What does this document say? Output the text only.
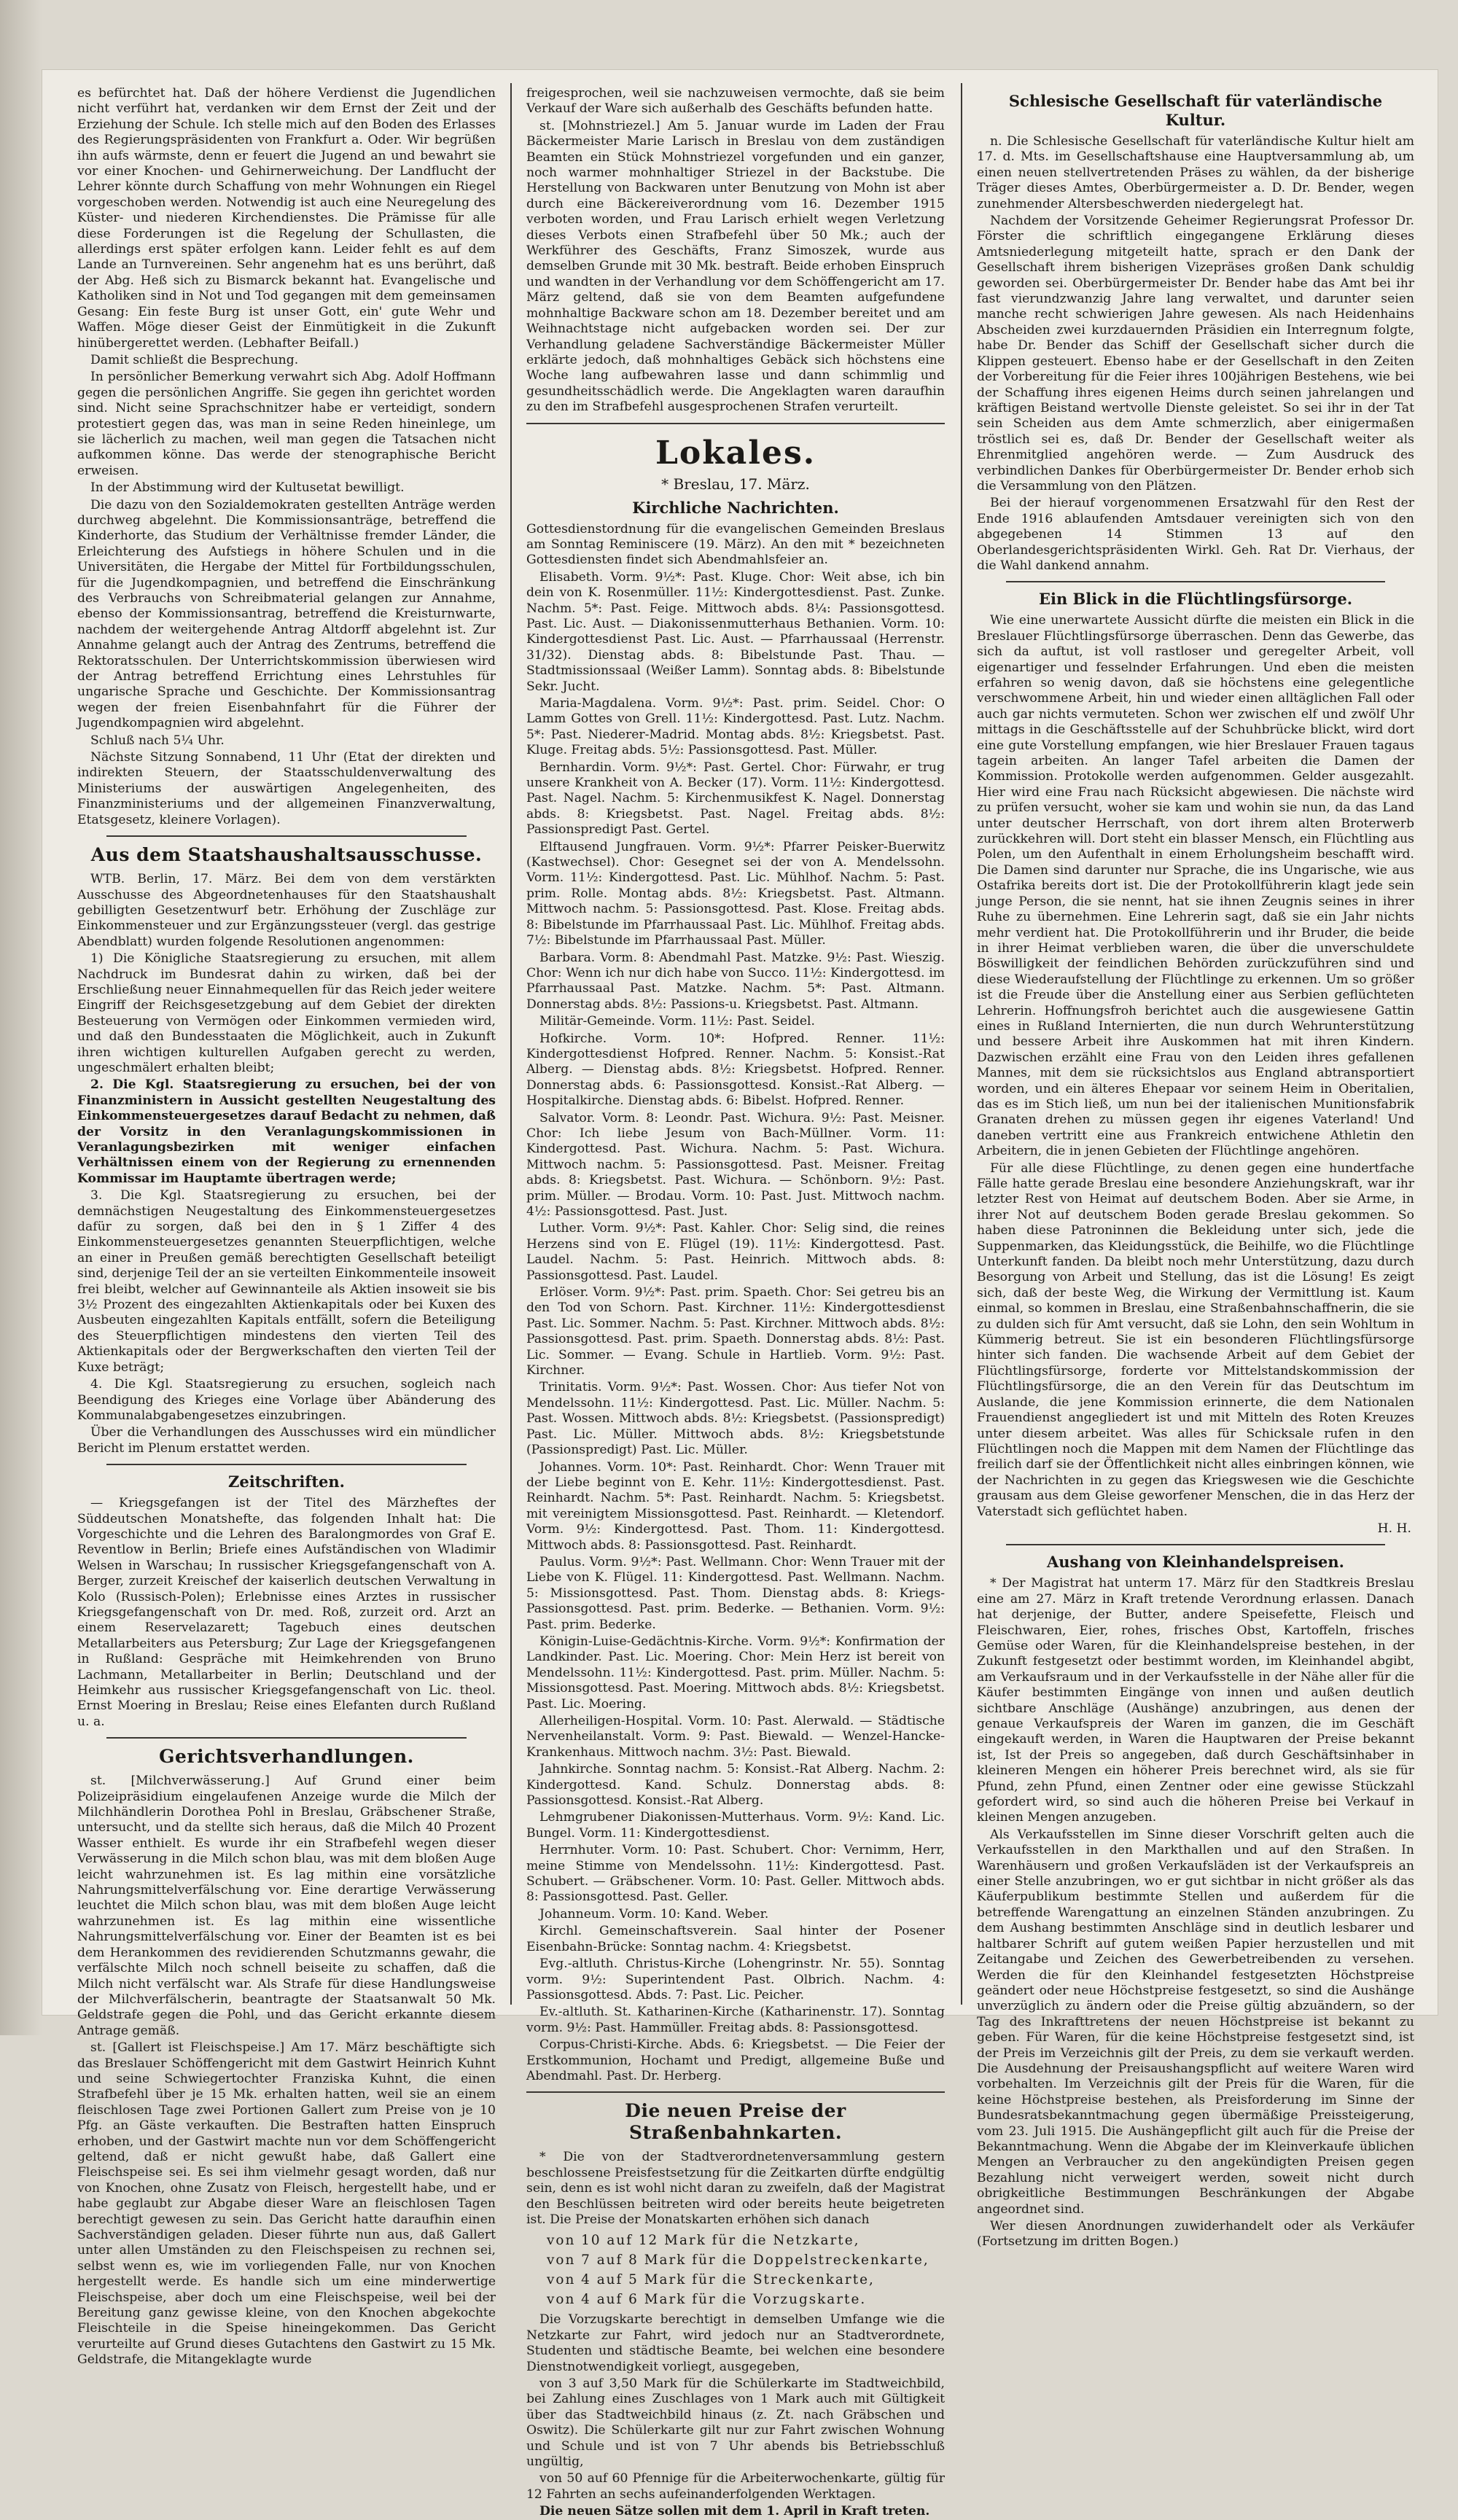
es befürchtet hat. Daß der höhere Verdienst die Jugendlichen nicht verführt hat, verdanken wir dem Ernst der Zeit und der Erziehung der Schule. Ich stelle mich auf den Boden des Erlasses des Regierungspräsidenten von Frankfurt a. Oder. Wir begrüßen ihn aufs wärmste, denn er feuert die Jugend an und bewahrt sie vor einer Knochen- und Gehirnerweichung. Der Landflucht der Lehrer könnte durch Schaffung von mehr Wohnungen ein Riegel vorgeschoben werden. Notwendig ist auch eine Neuregelung des Küster- und niederen Kirchendienstes. Die Prämisse für alle diese Forderungen ist die Regelung der Schullasten, die allerdings erst später erfolgen kann. Leider fehlt es auf dem Lande an Turnvereinen. Sehr angenehm hat es uns berührt, daß der Abg. Heß sich zu Bismarck bekannt hat. Evangelische und Katholiken sind in Not und Tod gegangen mit dem gemeinsamen Gesang: Ein feste Burg ist unser Gott, ein' gute Wehr und Waffen. Möge dieser Geist der Einmütigkeit in die Zukunft hinübergerettet werden. (Lebhafter Beifall.)

Damit schließt die Besprechung.

In persönlicher Bemerkung verwahrt sich Abg. Adolf Hoffmann gegen die persönlichen Angriffe. Sie gegen ihn gerichtet worden sind. Nicht seine Sprachschnitzer habe er verteidigt, sondern protestiert gegen das, was man in seine Reden hineinlege, um sie lächerlich zu machen, weil man gegen die Tatsachen nicht aufkommen könne. Das werde der stenographische Bericht erweisen.

In der Abstimmung wird der Kultusetat bewilligt.

Die dazu von den Sozialdemokraten gestellten Anträge werden durchweg abgelehnt. Die Kommissionsanträge, betreffend die Kinderhorte, das Studium der Verhältnisse fremder Länder, die Erleichterung des Aufstiegs in höhere Schulen und in die Universitäten, die Hergabe der Mittel für Fortbildungsschulen, für die Jugendkompagnien, und betreffend die Einschränkung des Verbrauchs von Schreibmaterial gelangen zur Annahme, ebenso der Kommissionsantrag, betreffend die Kreisturnwarte, nachdem der weitergehende Antrag Altdorff abgelehnt ist. Zur Annahme gelangt auch der Antrag des Zentrums, betreffend die Rektoratsschulen. Der Unterrichtskommission überwiesen wird der Antrag betreffend Errichtung eines Lehrstuhles für ungarische Sprache und Geschichte. Der Kommissionsantrag wegen der freien Eisenbahnfahrt für die Führer der Jugendkompagnien wird abgelehnt.

Schluß nach 5¼ Uhr.

Nächste Sitzung Sonnabend, 11 Uhr (Etat der direkten und indirekten Steuern, der Staatsschuldenverwaltung des Ministeriums der auswärtigen Angelegenheiten, des Finanzministeriums und der allgemeinen Finanzverwaltung, Etatsgesetz, kleinere Vorlagen).

Aus dem Staatshaushaltsausschusse.

WTB. Berlin, 17. März. Bei dem von dem verstärkten Ausschusse des Abgeordnetenhauses für den Staatshaushalt gebilligten Gesetzentwurf betr. Erhöhung der Zuschläge zur Einkommensteuer und zur Ergänzungssteuer (vergl. das gestrige Abendblatt) wurden folgende Resolutionen angenommen:

1) Die Königliche Staatsregierung zu ersuchen, mit allem Nachdruck im Bundesrat dahin zu wirken, daß bei der Erschließung neuer Einnahmequellen für das Reich jeder weitere Eingriff der Reichsgesetzgebung auf dem Gebiet der direkten Besteuerung von Vermögen oder Einkommen vermieden wird, und daß den Bundesstaaten die Möglichkeit, auch in Zukunft ihren wichtigen kulturellen Aufgaben gerecht zu werden, ungeschmälert erhalten bleibt;

2. Die Kgl. Staatsregierung zu ersuchen, bei der von Finanzministern in Aussicht gestellten Neugestaltung des Einkommensteuergesetzes darauf Bedacht zu nehmen, daß der Vorsitz in den Veranlagungskommissionen in Veranlagungsbezirken mit weniger einfachen Verhältnissen einem von der Regierung zu ernennenden Kommissar im Hauptamte übertragen werde;

3. Die Kgl. Staatsregierung zu ersuchen, bei der demnächstigen Neugestaltung des Einkommensteuergesetzes dafür zu sorgen, daß bei den in § 1 Ziffer 4 des Einkommensteuergesetzes genannten Steuerpflichtigen, welche an einer in Preußen gemäß berechtigten Gesellschaft beteiligt sind, derjenige Teil der an sie verteilten Einkommenteile insoweit frei bleibt, welcher auf Gewinnanteile als Aktien insoweit sie bis 3½ Prozent des eingezahlten Aktienkapitals oder bei Kuxen des Ausbeuten eingezahlten Kapitals entfällt, sofern die Beteiligung des Steuerpflichtigen mindestens den vierten Teil des Aktienkapitals oder der Bergwerkschaften den vierten Teil der Kuxe beträgt;

4. Die Kgl. Staatsregierung zu ersuchen, sogleich nach Beendigung des Krieges eine Vorlage über Abänderung des Kommunalabgabengesetzes einzubringen.

Über die Verhandlungen des Ausschusses wird ein mündlicher Bericht im Plenum erstattet werden.

Zeitschriften.

— Kriegsgefangen ist der Titel des Märzheftes der Süddeutschen Monatshefte, das folgenden Inhalt hat: Die Vorgeschichte und die Lehren des Baralongmordes von Graf E. Reventlow in Berlin; Briefe eines Aufständischen von Wladimir Welsen in Warschau; In russischer Kriegsgefangenschaft von A. Berger, zurzeit Kreischef der kaiserlich deutschen Verwaltung in Kolo (Russisch-Polen); Erlebnisse eines Arztes in russischer Kriegsgefangenschaft von Dr. med. Roß, zurzeit ord. Arzt an einem Reservelazarett; Tagebuch eines deutschen Metallarbeiters aus Petersburg; Zur Lage der Kriegsgefangenen in Rußland: Gespräche mit Heimkehrenden von Bruno Lachmann, Metallarbeiter in Berlin; Deutschland und der Heimkehr aus russischer Kriegsgefangenschaft von Lic. theol. Ernst Moering in Breslau; Reise eines Elefanten durch Rußland u. a.

Gerichtsverhandlungen.

st. [Milchverwässerung.] Auf Grund einer beim Polizeipräsidium eingelaufenen Anzeige wurde die Milch der Milchhändlerin Dorothea Pohl in Breslau, Gräbschener Straße, untersucht, und da stellte sich heraus, daß die Milch 40 Prozent Wasser enthielt. Es wurde ihr ein Strafbefehl wegen dieser Verwässerung in die Milch schon blau, was mit dem bloßen Auge leicht wahrzunehmen ist. Es lag mithin eine vorsätzliche Nahrungsmittelverfälschung vor. Eine derartige Verwässerung leuchtet die Milch schon blau, was mit dem bloßen Auge leicht wahrzunehmen ist. Es lag mithin eine wissentliche Nahrungsmittelverfälschung vor. Einer der Beamten ist es bei dem Herankommen des revidierenden Schutzmanns gewahr, die verfälschte Milch noch schnell beiseite zu schaffen, daß die Milch nicht verfälscht war. Als Strafe für diese Handlungsweise der Milchverfälscherin, beantragte der Staatsanwalt 50 Mk. Geldstrafe gegen die Pohl, und das Gericht erkannte diesem Antrage gemäß.

st. [Gallert ist Fleischspeise.] Am 17. März beschäftigte sich das Breslauer Schöffengericht mit dem Gastwirt Heinrich Kuhnt und seine Schwiegertochter Franziska Kuhnt, die einen Strafbefehl über je 15 Mk. erhalten hatten, weil sie an einem fleischlosen Tage zwei Portionen Gallert zum Preise von je 10 Pfg. an Gäste verkauften. Die Bestraften hatten Einspruch erhoben, und der Gastwirt machte nun vor dem Schöffengericht geltend, daß er nicht gewußt habe, daß Gallert eine Fleischspeise sei. Es sei ihm vielmehr gesagt worden, daß nur von Knochen, ohne Zusatz von Fleisch, hergestellt habe, und er habe geglaubt zur Abgabe dieser Ware an fleischlosen Tagen berechtigt gewesen zu sein. Das Gericht hatte daraufhin einen Sachverständigen geladen. Dieser führte nun aus, daß Gallert unter allen Umständen zu den Fleischspeisen zu rechnen sei, selbst wenn es, wie im vorliegenden Falle, nur von Knochen hergestellt werde. Es handle sich um eine minderwertige Fleischspeise, aber doch um eine Fleischspeise, weil bei der Bereitung ganz gewisse kleine, von den Knochen abgekochte Fleischteile in die Speise hineingekommen. Das Gericht verurteilte auf Grund dieses Gutachtens den Gastwirt zu 15 Mk. Geldstrafe, die Mitangeklagte wurde

freigesprochen, weil sie nachzuweisen vermochte, daß sie beim Verkauf der Ware sich außerhalb des Geschäfts befunden hatte.

st. [Mohnstriezel.] Am 5. Januar wurde im Laden der Frau Bäckermeister Marie Larisch in Breslau von dem zuständigen Beamten ein Stück Mohnstriezel vorgefunden und ein ganzer, noch warmer mohnhaltiger Striezel in der Backstube. Die Herstellung von Backwaren unter Benutzung von Mohn ist aber durch eine Bäckereiverordnung vom 16. Dezember 1915 verboten worden, und Frau Larisch erhielt wegen Verletzung dieses Verbots einen Strafbefehl über 50 Mk.; auch der Werkführer des Geschäfts, Franz Simoszek, wurde aus demselben Grunde mit 30 Mk. bestraft. Beide erhoben Einspruch und wandten in der Verhandlung vor dem Schöffengericht am 17. März geltend, daß sie von dem Beamten aufgefundene mohnhaltige Backware schon am 18. Dezember bereitet und am Weihnachtstage nicht aufgebacken worden sei. Der zur Verhandlung geladene Sachverständige Bäckermeister Müller erklärte jedoch, daß mohnhaltiges Gebäck sich höchstens eine Woche lang aufbewahren lasse und dann schimmlig und gesundheitsschädlich werde. Die Angeklagten waren daraufhin zu den im Strafbefehl ausgesprochenen Strafen verurteilt.

Lokales.
* Breslau, 17. März.
Kirchliche Nachrichten.

Gottesdienstordnung für die evangelischen Gemeinden Breslaus am Sonntag Reminiscere (19. März). An den mit * bezeichneten Gottesdiensten findet sich Abendmahlsfeier an.

Elisabeth. Vorm. 9½*: Past. Kluge. Chor: Weit abse, ich bin dein von K. Rosenmüller. 11½: Kindergottesdienst. Past. Zunke. Nachm. 5*: Past. Feige. Mittwoch abds. 8¼: Passionsgottesd. Past. Lic. Aust. — Diakonissenmutterhaus Bethanien. Vorm. 10: Kindergottesdienst Past. Lic. Aust. — Pfarrhaussaal (Herrenstr. 31/32). Dienstag abds. 8: Bibelstunde Past. Thau. — Stadtmissionssaal (Weißer Lamm). Sonntag abds. 8: Bibelstunde Sekr. Jucht.

Maria-Magdalena. Vorm. 9½*: Past. prim. Seidel. Chor: O Lamm Gottes von Grell. 11½: Kindergottesd. Past. Lutz. Nachm. 5*: Past. Niederer-Madrid. Montag abds. 8½: Kriegsbetst. Past. Kluge. Freitag abds. 5½: Passionsgottesd. Past. Müller.

Bernhardin. Vorm. 9½*: Past. Gertel. Chor: Fürwahr, er trug unsere Krankheit von A. Becker (17). Vorm. 11½: Kindergottesd. Past. Nagel. Nachm. 5: Kirchenmusikfest K. Nagel. Donnerstag abds. 8: Kriegsbetst. Past. Nagel. Freitag abds. 8½: Passionspredigt Past. Gertel.

Elftausend Jungfrauen. Vorm. 9½*: Pfarrer Peisker-Buerwitz (Kastwechsel). Chor: Gesegnet sei der von A. Mendelssohn. Vorm. 11½: Kindergottesd. Past. Lic. Mühlhof. Nachm. 5: Past. prim. Rolle. Montag abds. 8½: Kriegsbetst. Past. Altmann. Mittwoch nachm. 5: Passionsgottesd. Past. Klose. Freitag abds. 8: Bibelstunde im Pfarrhaussaal Past. Lic. Mühlhof. Freitag abds. 7½: Bibelstunde im Pfarrhaussaal Past. Müller.

Barbara. Vorm. 8: Abendmahl Past. Matzke. 9½: Past. Wieszig. Chor: Wenn ich nur dich habe von Succo. 11½: Kindergottesd. im Pfarrhaussaal Past. Matzke. Nachm. 5*: Past. Altmann. Donnerstag abds. 8½: Passions-u. Kriegsbetst. Past. Altmann.

Militär-Gemeinde. Vorm. 11½: Past. Seidel.

Hofkirche. Vorm. 10*: Hofpred. Renner. 11½: Kindergottesdienst Hofpred. Renner. Nachm. 5: Konsist.-Rat Alberg. — Dienstag abds. 8½: Kriegsbetst. Hofpred. Renner. Donnerstag abds. 6: Passionsgottesd. Konsist.-Rat Alberg. — Hospitalkirche. Dienstag abds. 6: Bibelst. Hofpred. Renner.

Salvator. Vorm. 8: Leondr. Past. Wichura. 9½: Past. Meisner. Chor: Ich liebe Jesum von Bach-Müllner. Vorm. 11: Kindergottesd. Past. Wichura. Nachm. 5: Past. Wichura. Mittwoch nachm. 5: Passionsgottesd. Past. Meisner. Freitag abds. 8: Kriegsbetst. Past. Wichura. — Schönborn. 9½: Past. prim. Müller. — Brodau. Vorm. 10: Past. Just. Mittwoch nachm. 4½: Passionsgottesd. Past. Just.

Luther. Vorm. 9½*: Past. Kahler. Chor: Selig sind, die reines Herzens sind von E. Flügel (19). 11½: Kindergottesd. Past. Laudel. Nachm. 5: Past. Heinrich. Mittwoch abds. 8: Passionsgottesd. Past. Laudel.

Erlöser. Vorm. 9½*: Past. prim. Spaeth. Chor: Sei getreu bis an den Tod von Schorn. Past. Kirchner. 11½: Kindergottesdienst Past. Lic. Sommer. Nachm. 5: Past. Kirchner. Mittwoch abds. 8½: Passionsgottesd. Past. prim. Spaeth. Donnerstag abds. 8½: Past. Lic. Sommer. — Evang. Schule in Hartlieb. Vorm. 9½: Past. Kirchner.

Trinitatis. Vorm. 9½*: Past. Wossen. Chor: Aus tiefer Not von Mendelssohn. 11½: Kindergottesd. Past. Lic. Müller. Nachm. 5: Past. Wossen. Mittwoch abds. 8½: Kriegsbetst. (Passionspredigt) Past. Lic. Müller. Mittwoch abds. 8½: Kriegsbetstunde (Passionspredigt) Past. Lic. Müller.

Johannes. Vorm. 10*: Past. Reinhardt. Chor: Wenn Trauer mit der Liebe beginnt von E. Kehr. 11½: Kindergottesdienst. Past. Reinhardt. Nachm. 5*: Past. Reinhardt. Nachm. 5: Kriegsbetst. mit vereinigtem Missionsgottesd. Past. Reinhardt. — Kletendorf. Vorm. 9½: Kindergottesd. Past. Thom. 11: Kindergottesd. Mittwoch abds. 8: Passionsgottesd. Past. Reinhardt.

Paulus. Vorm. 9½*: Past. Wellmann. Chor: Wenn Trauer mit der Liebe von K. Flügel. 11: Kindergottesd. Past. Wellmann. Nachm. 5: Missionsgottesd. Past. Thom. Dienstag abds. 8: Kriegs-Passionsgottesd. Past. prim. Bederke. — Bethanien. Vorm. 9½: Past. prim. Bederke.

Königin-Luise-Gedächtnis-Kirche. Vorm. 9½*: Konfirmation der Landkinder. Past. Lic. Moering. Chor: Mein Herz ist bereit von Mendelssohn. 11½: Kindergottesd. Past. prim. Müller. Nachm. 5: Missionsgottesd. Past. Moering. Mittwoch abds. 8½: Kriegsbetst. Past. Lic. Moering.

Allerheiligen-Hospital. Vorm. 10: Past. Alerwald. — Städtische Nervenheilanstalt. Vorm. 9: Past. Biewald. — Wenzel-Hancke-Krankenhaus. Mittwoch nachm. 3½: Past. Biewald.

Jahnkirche. Sonntag nachm. 5: Konsist.-Rat Alberg. Nachm. 2: Kindergottesd. Kand. Schulz. Donnerstag abds. 8: Passionsgottesd. Konsist.-Rat Alberg.

Lehmgrubener Diakonissen-Mutterhaus. Vorm. 9½: Kand. Lic. Bungel. Vorm. 11: Kindergottesdienst.

Herrnhuter. Vorm. 10: Past. Schubert. Chor: Vernimm, Herr, meine Stimme von Mendelssohn. 11½: Kindergottesd. Past. Schubert. — Gräbschener. Vorm. 10: Past. Geller. Mittwoch abds. 8: Passionsgottesd. Past. Geller.

Johanneum. Vorm. 10: Kand. Weber.

Kirchl. Gemeinschaftsverein. Saal hinter der Posener Eisenbahn-Brücke: Sonntag nachm. 4: Kriegsbetst.

Evg.-altluth. Christus-Kirche (Lohengrinstr. Nr. 55). Sonntag vorm. 9½: Superintendent Past. Olbrich. Nachm. 4: Passionsgottesd. Abds. 7: Past. Lic. Peicher.

Ev.-altluth. St. Katharinen-Kirche (Katharinenstr. 17). Sonntag vorm. 9½: Past. Hammüller. Freitag abds. 8: Passionsgottesd.

Corpus-Christi-Kirche. Abds. 6: Kriegsbetst. — Die Feier der Erstkommunion, Hochamt und Predigt, allgemeine Buße und Abendmahl. Past. Dr. Herberg.

Die neuen Preise der Straßenbahnkarten.

* Die von der Stadtverordnetenversammlung gestern beschlossene Preisfestsetzung für die Zeitkarten dürfte endgültig sein, denn es ist wohl nicht daran zu zweifeln, daß der Magistrat den Beschlüssen beitreten wird oder bereits heute beigetreten ist. Die Preise der Monatskarten erhöhen sich danach

von 10 auf 12 Mark für die Netzkarte,
von 7 auf 8 Mark für die Doppelstreckenkarte,
von 4 auf 5 Mark für die Streckenkarte,
von 4 auf 6 Mark für die Vorzugskarte.

Die Vorzugskarte berechtigt in demselben Umfange wie die Netzkarte zur Fahrt, wird jedoch nur an Stadtverordnete, Studenten und städtische Beamte, bei welchen eine besondere Dienstnotwendigkeit vorliegt, ausgegeben,

von 3 auf 3,50 Mark für die Schülerkarte im Stadtweichbild, bei Zahlung eines Zuschlages von 1 Mark auch mit Gültigkeit über das Stadtweichbild hinaus (z. Zt. nach Gräbschen und Oswitz). Die Schülerkarte gilt nur zur Fahrt zwischen Wohnung und Schule und ist von 7 Uhr abends bis Betriebsschluß ungültig,

von 50 auf 60 Pfennige für die Arbeiterwochenkarte, gültig für 12 Fahrten an sechs aufeinanderfolgenden Werktagen.

Die neuen Sätze sollen mit dem 1. April in Kraft treten.

Schlesische Gesellschaft für vaterländische Kultur.

n. Die Schlesische Gesellschaft für vaterländische Kultur hielt am 17. d. Mts. im Gesellschaftshause eine Hauptversammlung ab, um einen neuen stellvertretenden Präses zu wählen, da der bisherige Träger dieses Amtes, Oberbürgermeister a. D. Dr. Bender, wegen zunehmender Altersbeschwerden niedergelegt hat.

Nachdem der Vorsitzende Geheimer Regierungsrat Professor Dr. Förster die schriftlich eingegangene Erklärung dieses Amtsniederlegung mitgeteilt hatte, sprach er den Dank der Gesellschaft ihrem bisherigen Vizepräses großen Dank schuldig geworden sei. Oberbürgermeister Dr. Bender habe das Amt bei ihr fast vierundzwanzig Jahre lang verwaltet, und darunter seien manche recht schwierigen Jahre gewesen. Als nach Heidenhains Abscheiden zwei kurzdauernden Präsidien ein Interregnum folgte, habe Dr. Bender das Schiff der Gesellschaft sicher durch die Klippen gesteuert. Ebenso habe er der Gesellschaft in den Zeiten der Vorbereitung für die Feier ihres 100jährigen Bestehens, wie bei der Schaffung ihres eigenen Heims durch seinen jahrelangen und kräftigen Beistand wertvolle Dienste geleistet. So sei ihr in der Tat sein Scheiden aus dem Amte schmerzlich, aber einigermaßen tröstlich sei es, daß Dr. Bender der Gesellschaft weiter als Ehrenmitglied angehören werde. — Zum Ausdruck des verbindlichen Dankes für Oberbürgermeister Dr. Bender erhob sich die Versammlung von den Plätzen.

Bei der hierauf vorgenommenen Ersatzwahl für den Rest der Ende 1916 ablaufenden Amtsdauer vereinigten sich von den abgegebenen 14 Stimmen 13 auf den Oberlandesgerichtspräsidenten Wirkl. Geh. Rat Dr. Vierhaus, der die Wahl dankend annahm.

Ein Blick in die Flüchtlingsfürsorge.

Wie eine unerwartete Aussicht dürfte die meisten ein Blick in die Breslauer Flüchtlingsfürsorge überraschen. Denn das Gewerbe, das sich da auftut, ist voll rastloser und geregelter Arbeit, voll eigenartiger und fesselnder Erfahrungen. Und eben die meisten erfahren so wenig davon, daß sie höchstens eine gelegentliche verschwommene Arbeit, hin und wieder einen alltäglichen Fall oder auch gar nichts vermuteten. Schon wer zwischen elf und zwölf Uhr mittags in die Geschäftsstelle auf der Schuhbrücke blickt, wird dort eine gute Vorstellung empfangen, wie hier Breslauer Frauen tagaus tagein arbeiten. An langer Tafel arbeiten die Damen der Kommission. Protokolle werden aufgenommen. Gelder ausgezahlt. Hier wird eine Frau nach Rücksicht abgewiesen. Die nächste wird zu prüfen versucht, woher sie kam und wohin sie nun, da das Land unter deutscher Herrschaft, von dort ihrem alten Broterwerb zurückkehren will. Dort steht ein blasser Mensch, ein Flüchtling aus Polen, um den Aufenthalt in einem Erholungsheim beschafft wird. Die Damen sind darunter nur Sprache, die ins Ungarische, wie aus Ostafrika bereits dort ist. Die der Protokollführerin klagt jede sein junge Person, die sie nennt, hat sie ihnen Zeugnis seines in ihrer Ruhe zu übernehmen. Eine Lehrerin sagt, daß sie ein Jahr nichts mehr verdient hat. Die Protokollführerin und ihr Bruder, die beide in ihrer Heimat verblieben waren, die über die unverschuldete Böswilligkeit der feindlichen Behörden zurückzuführen sind und diese Wiederaufstellung der Flüchtlinge zu erkennen. Um so größer ist die Freude über die Anstellung einer aus Serbien geflüchteten Lehrerin. Hoffnungsfroh berichtet auch die ausgewiesene Gattin eines in Rußland Internierten, die nun durch Wehrunterstützung und bessere Arbeit ihre Auskommen hat mit ihren Kindern. Dazwischen erzählt eine Frau von den Leiden ihres gefallenen Mannes, mit dem sie rücksichtslos aus England abtransportiert worden, und ein älteres Ehepaar vor seinem Heim in Oberitalien, das es im Stich ließ, um nun bei der italienischen Munitionsfabrik Granaten drehen zu müssen gegen ihr eigenes Vaterland! Und daneben vertritt eine aus Frankreich entwichene Athletin den Arbeitern, die in jenen Gebieten der Flüchtlinge angehören.

Für alle diese Flüchtlinge, zu denen gegen eine hundertfache Fälle hatte gerade Breslau eine besondere Anziehungskraft, war ihr letzter Rest von Heimat auf deutschem Boden. Aber sie Arme, in ihrer Not auf deutschem Boden gerade Breslau gekommen. So haben diese Patroninnen die Bekleidung unter sich, jede die Suppenmarken, das Kleidungsstück, die Beihilfe, wo die Flüchtlinge Unterkunft fanden. Da bleibt noch mehr Unterstützung, dazu durch Besorgung von Arbeit und Stellung, das ist die Lösung! Es zeigt sich, daß der beste Weg, die Wirkung der Vermittlung ist. Kaum einmal, so kommen in Breslau, eine Straßenbahnschaffnerin, die sie zu dulden sich für Amt versucht, daß sie Lohn, den sein Wohltum in Kümmerig betreut. Sie ist ein besonderen Flüchtlingsfürsorge hinter sich fanden. Die wachsende Arbeit auf dem Gebiet der Flüchtlingsfürsorge, forderte vor Mittelstandskommission der Flüchtlingsfürsorge, die an den Verein für das Deutschtum im Auslande, die jene Kommission erinnerte, die dem Nationalen Frauendienst angegliedert ist und mit Mitteln des Roten Kreuzes unter diesem arbeitet. Was alles für Schicksale rufen in den Flüchtlingen noch die Mappen mit dem Namen der Flüchtlinge das freilich darf sie der Öffentlichkeit nicht alles einbringen können, wie der Nachrichten in zu gegen das Kriegswesen wie die Geschichte grausam aus dem Gleise geworfener Menschen, die in das Herz der Vaterstadt sich geflüchtet haben.

H. H.
Aushang von Kleinhandelspreisen.

* Der Magistrat hat unterm 17. März für den Stadtkreis Breslau eine am 27. März in Kraft tretende Verordnung erlassen. Danach hat derjenige, der Butter, andere Speisefette, Fleisch und Fleischwaren, Eier, rohes, frisches Obst, Kartoffeln, frisches Gemüse oder Waren, für die Kleinhandelspreise bestehen, in der Zukunft festgesetzt oder bestimmt worden, im Kleinhandel abgibt, am Verkaufsraum und in der Verkaufsstelle in der Nähe aller für die Käufer bestimmten Eingänge von innen und außen deutlich sichtbare Anschläge (Aushänge) anzubringen, aus denen der genaue Verkaufspreis der Waren im ganzen, die im Geschäft eingekauft werden, in Waren die Hauptwaren der Preise bekannt ist, Ist der Preis so angegeben, daß durch Geschäftsinhaber in kleineren Mengen ein höherer Preis berechnet wird, als sie für Pfund, zehn Pfund, einen Zentner oder eine gewisse Stückzahl gefordert wird, so sind auch die höheren Preise bei Verkauf in kleinen Mengen anzugeben.

Als Verkaufsstellen im Sinne dieser Vorschrift gelten auch die Verkaufsstellen in den Markthallen und auf den Straßen. In Warenhäusern und großen Verkaufsläden ist der Verkaufspreis an einer Stelle anzubringen, wo er gut sichtbar in nicht größer als das Käuferpublikum bestimmte Stellen und außerdem für die betreffende Warengattung an einzelnen Ständen anzubringen. Zu dem Aushang bestimmten Anschläge sind in deutlich lesbarer und haltbarer Schrift auf gutem weißen Papier herzustellen und mit Zeitangabe und Zeichen des Gewerbetreibenden zu versehen. Werden die für den Kleinhandel festgesetzten Höchstpreise geändert oder neue Höchstpreise festgesetzt, so sind die Aushänge unverzüglich zu ändern oder die Preise gültig abzuändern, so der Tag des Inkrafttretens der neuen Höchstpreise ist bekannt zu geben. Für Waren, für die keine Höchstpreise festgesetzt sind, ist der Preis im Verzeichnis gilt der Preis, zu dem sie verkauft werden. Die Ausdehnung der Preisaushangspflicht auf weitere Waren wird vorbehalten. Im Verzeichnis gilt der Preis für die Waren, für die keine Höchstpreise bestehen, als Preisforderung im Sinne der Bundesratsbekanntmachung gegen übermäßige Preissteigerung, vom 23. Juli 1915. Die Aushängepflicht gilt auch für die Preise der Bekanntmachung. Wenn die Abgabe der im Kleinverkaufe üblichen Mengen an Verbraucher zu den angekündigten Preisen gegen Bezahlung nicht verweigert werden, soweit nicht durch obrigkeitliche Bestimmungen Beschränkungen der Abgabe angeordnet sind.

Wer diesen Anordnungen zuwiderhandelt oder als Verkäufer (Fortsetzung im dritten Bogen.)
